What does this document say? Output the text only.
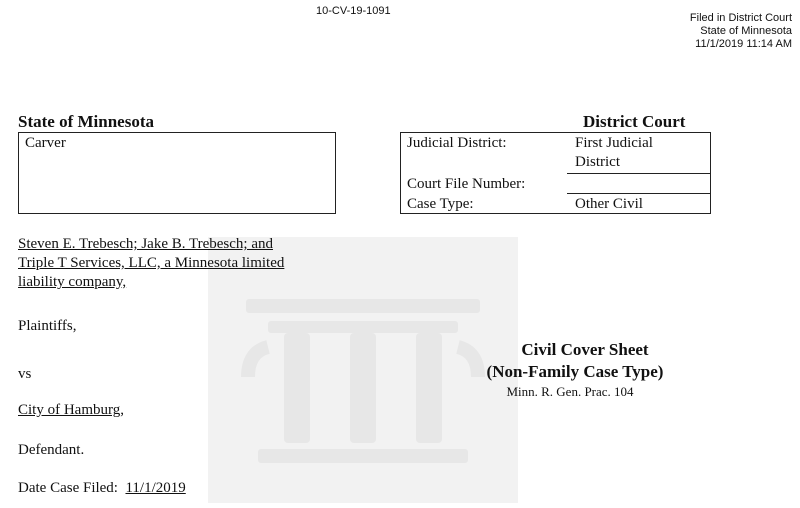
10-CV-19-1091
Filed in District Court
State of Minnesota
11/1/2019 11:14 AM
State of Minnesota	District Court
Carver	Judicial District:	First Judicial
District
Court File Number:
Case Type:	Other Civil
Steven E. Trebesch; Jake B. Trebesch; and
Triple T Services, LLC, a Minnesota limited
liability company,
Plaintiffs,
vs
City of Hamburg,
Defendant.
Date Case Filed: 11/1/2019
Civil Cover Sheet
(Non-Family Case Type)
Minn. R. Gen. Prac. 104
